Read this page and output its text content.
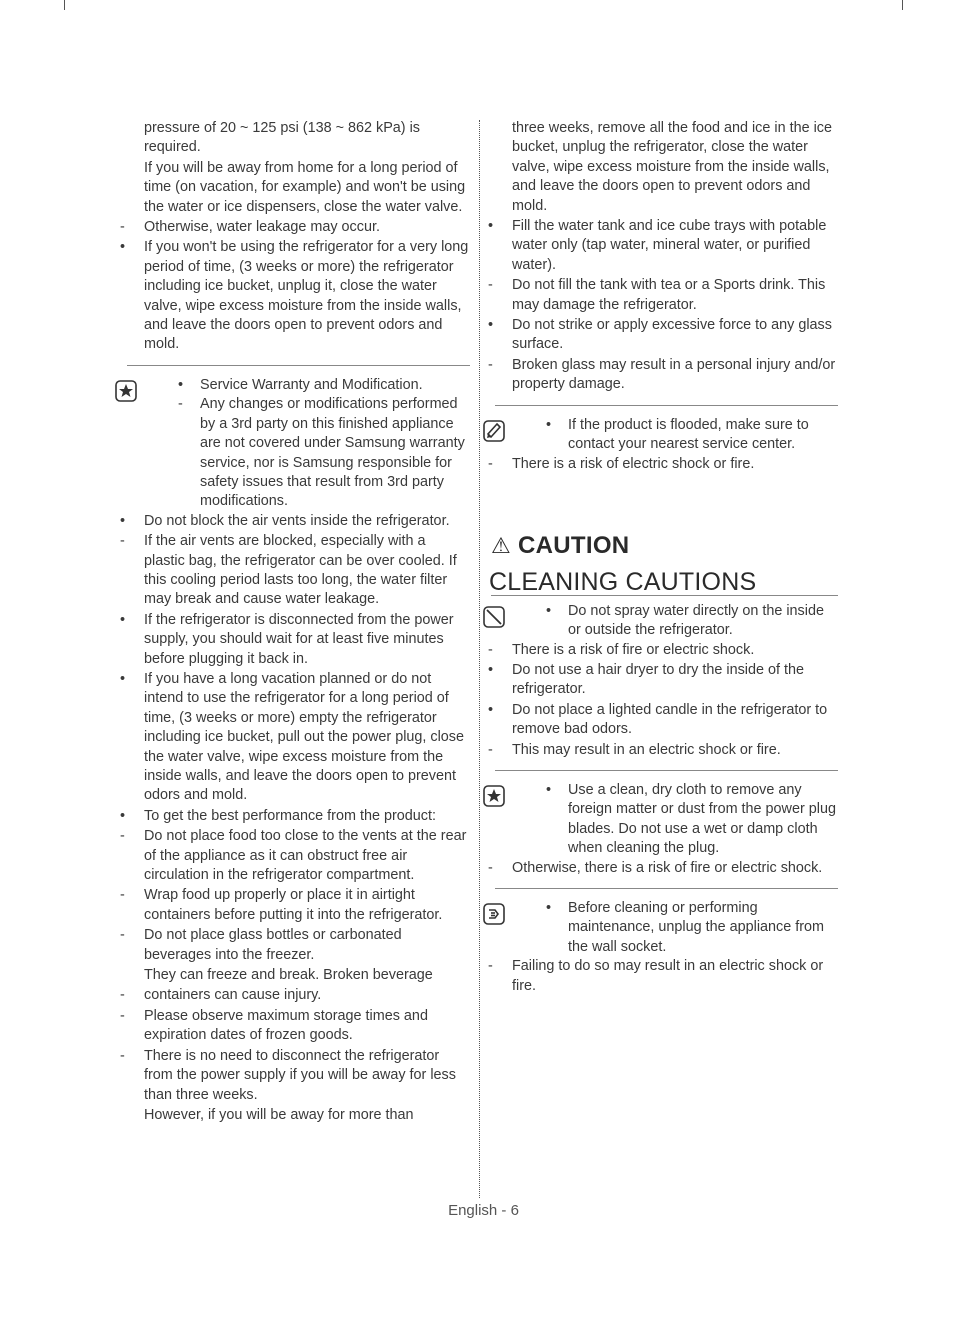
pressure of 20 ~ 125 psi (138 ~ 862 kPa) is required.
If you will be away from home for a long period of time (on vacation, for example) and won't be using the water or ice dispensers, close the water valve.
-	Otherwise, water leakage may occur.
•	If you won't be using the refrigerator for a very long period of time, (3 weeks or more) the refrigerator including ice bucket, unplug it, close the water valve, wipe excess moisture from the inside walls, and leave the doors open to prevent odors and mold.
• Service Warranty and Modification.
- Any changes or modifications performed by a 3rd party on this finished appliance are not covered under Samsung warranty service, nor is Samsung responsible for safety issues that result from 3rd party modifications.
•	Do not block the air vents inside the refrigerator.
-	If the air vents are blocked, especially with a plastic bag, the refrigerator can be over cooled. If this cooling period lasts too long, the water filter may break and cause water leakage.
•	If the refrigerator is disconnected from the power supply, you should wait for at least five minutes before plugging it back in.
•	If you have a long vacation planned or do not intend to use the refrigerator for a long period of time, (3 weeks or more) empty the refrigerator including ice bucket, pull out the power plug, close the water valve, wipe excess moisture from the inside walls, and leave the doors open to prevent odors and mold.
•	To get the best performance from the product:
-	Do not place food too close to the vents at the rear of the appliance as it can obstruct free air circulation in the refrigerator compartment.
-	Wrap food up properly or place it in airtight containers before putting it into the refrigerator.
-	Do not place glass bottles or carbonated beverages into the freezer.
They can freeze and break. Broken beverage
-	containers can cause injury.
-	Please observe maximum storage times and expiration dates of frozen goods.
-	There is no need to disconnect the refrigerator from the power supply if you will be away for less than three weeks.
However, if you will be away for more than
three weeks, remove all the food and ice in the ice bucket, unplug the refrigerator, close the water valve, wipe excess moisture from the inside walls, and leave the doors open to prevent odors and mold.
•	Fill the water tank and ice cube trays with potable water only (tap water, mineral water, or purified water).
-	Do not fill the tank with tea or a Sports drink. This may damage the refrigerator.
•	Do not strike or apply excessive force to any glass surface.
-	Broken glass may result in a personal injury and/or property damage.
• If the product is flooded, make sure to contact your nearest service center.
-	There is a risk of electric shock or fire.
⚠ CAUTION
CLEANING CAUTIONS
• Do not spray water directly on the inside or outside the refrigerator.
-	There is a risk of fire or electric shock.
•	Do not use a hair dryer to dry the inside of the refrigerator.
•	Do not place a lighted candle in the refrigerator to remove bad odors.
-	This may result in an electric shock or fire.
• Use a clean, dry cloth to remove any foreign matter or dust from the power plug blades. Do not use a wet or damp cloth when cleaning the plug.
-	Otherwise, there is a risk of fire or electric shock.
• Before cleaning or performing maintenance, unplug the appliance from the wall socket.
-	Failing to do so may result in an electric shock or fire.
English - 6
